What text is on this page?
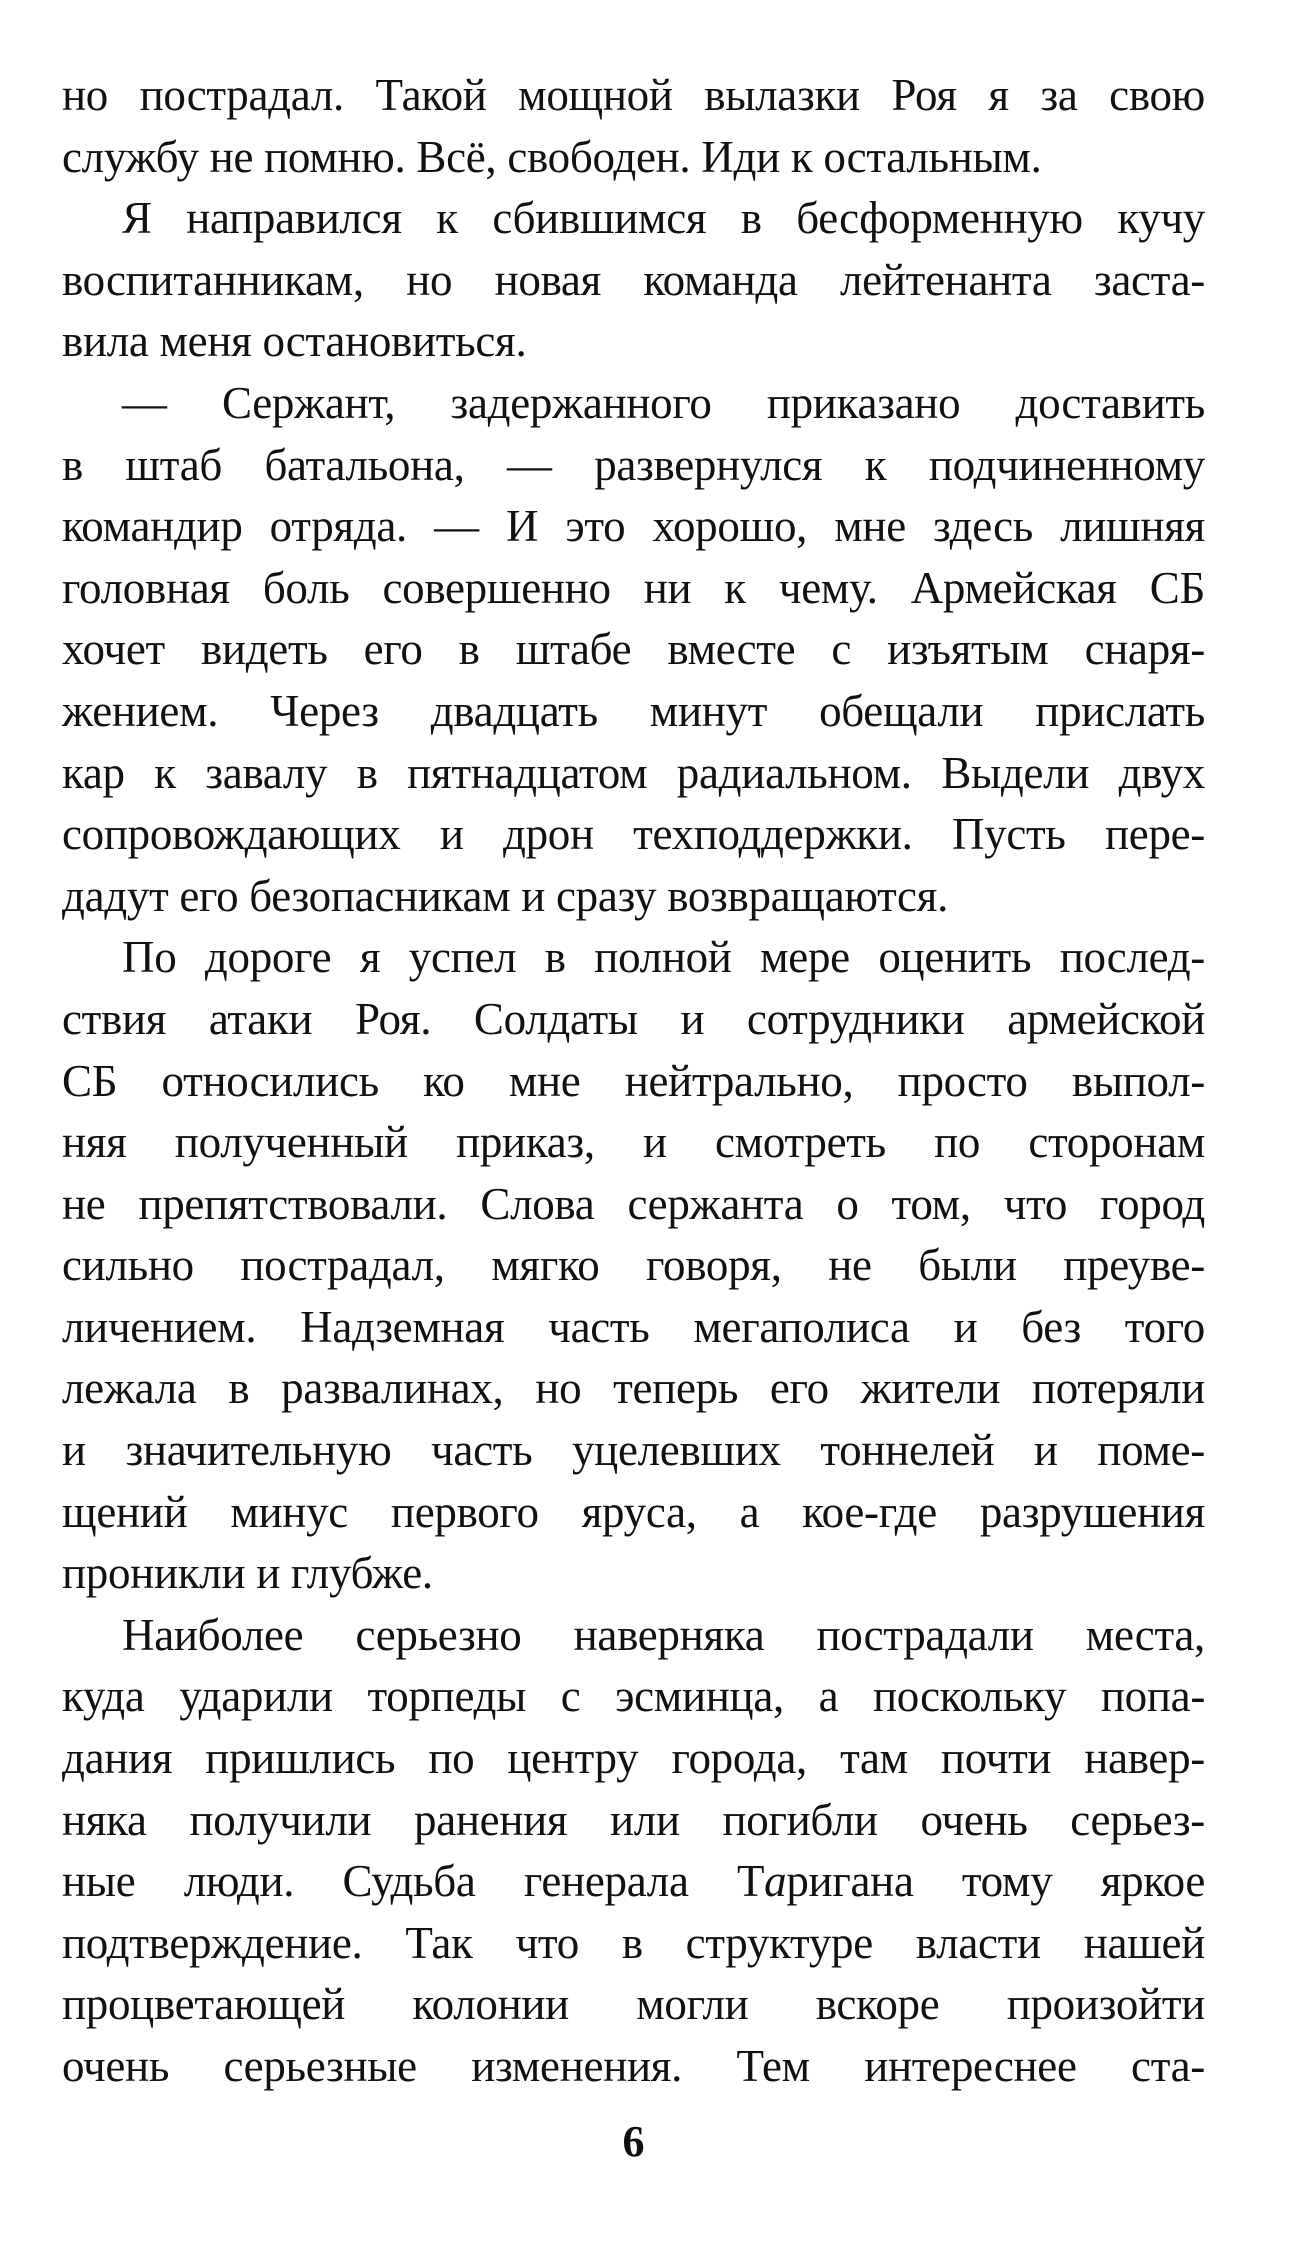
но пострадал. Такой мощной вылазки Роя я за свою
службу не помню. Всё, свободен. Иди к остальным.
Я направился к сбившимся в бесформенную кучу
воспитанникам, но новая команда лейтенанта заста-
вила меня остановиться.
— Сержант, задержанного приказано доставить
в штаб батальона, — развернулся к подчиненному
командир отряда. — И это хорошо, мне здесь лишняя
головная боль совершенно ни к чему. Армейская СБ
хочет видеть его в штабе вместе с изъятым снаря-
жением. Через двадцать минут обещали прислать
кар к завалу в пятнадцатом радиальном. Выдели двух
сопровождающих и дрон техподдержки. Пусть пере-
дадут его безопасникам и сразу возвращаются.
По дороге я успел в полной мере оценить послед-
ствия атаки Роя. Солдаты и сотрудники армейской
СБ относились ко мне нейтрально, просто выпол-
няя полученный приказ, и смотреть по сторонам
не препятствовали. Слова сержанта о том, что город
сильно пострадал, мягко говоря, не были преуве-
личением. Надземная часть мегаполиса и без того
лежала в развалинах, но теперь его жители потеряли
и значительную часть уцелевших тоннелей и поме-
щений минус первого яруса, а кое-где разрушения
проникли и глубже.
Наиболее серьезно наверняка пострадали места,
куда ударили торпеды с эсминца, а поскольку попа-
дания пришлись по центру города, там почти навер-
няка получили ранения или погибли очень серьез-
ные люди. Судьба генерала Таригана тому яркое
подтверждение. Так что в структуре власти нашей
процветающей колонии могли вскоре произойти
очень серьезные изменения. Тем интереснее ста-
6
